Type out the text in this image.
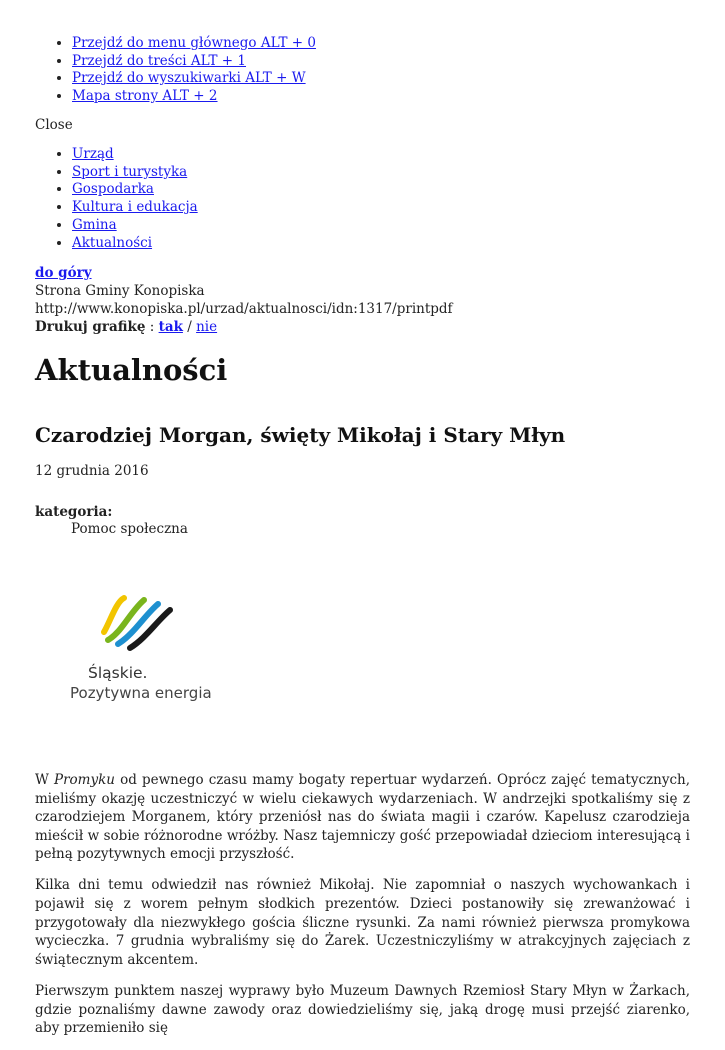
• Przejdź do menu głównego ALT + 0
• Przejdź do treści ALT + 1
• Przejdź do wyszukiwarki ALT + W
• Mapa strony ALT + 2
Close
• Urząd
• Sport i turystyka
• Gospodarka
• Kultura i edukacja
• Gmina
• Aktualności
do góry
Strona Gminy Konopiska
http://www.konopiska.pl/urzad/aktualnosci/idn:1317/printpdf
Drukuj grafikę : tak / nie
Aktualności
Czarodziej Morgan, święty Mikołaj i Stary Młyn
12 grudnia 2016
kategoria:
Pomoc społeczna
Śląskie.
Pozytywna energia

W Promyku od pewnego czasu mamy bogaty repertuar wydarzeń. Oprócz zajęć tematycznych, mieliśmy okazję uczestniczyć w wielu ciekawych wydarzeniach. W andrzejki spotkaliśmy się z czarodziejem Morganem, który przeniósł nas do świata magii i czarów. Kapelusz czarodzieja mieścił w sobie różnorodne wróżby. Nasz tajemniczy gość przepowiadał dzieciom interesującą i pełną pozytywnych emocji przyszłość.

Kilka dni temu odwiedził nas również Mikołaj. Nie zapomniał o naszych wychowankach i pojawił się z worem pełnym słodkich prezentów. Dzieci postanowiły się zrewanżować i przygotowały dla niezwykłego gościa śliczne rysunki. Za nami również pierwsza promykowa wycieczka. 7 grudnia wybraliśmy się do Żarek. Uczestniczyliśmy w atrakcyjnych zajęciach z świątecznym akcentem.

Pierwszym punktem naszej wyprawy było Muzeum Dawnych Rzemiosł Stary Młyn w Żarkach, gdzie poznaliśmy dawne zawody oraz dowiedzieliśmy się, jaką drogę musi przejść ziarenko, aby przemieniło się
